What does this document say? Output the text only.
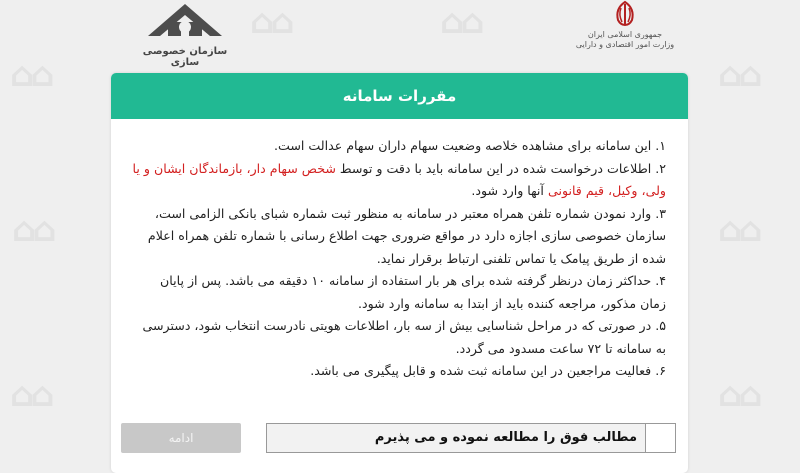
⌂⌂
⌂⌂
⌂⌂
⌂⌂
⌂⌂
⌂⌂
⌂⌂	⌂⌂
سازمان خصوصی سازی
جمهوری اسلامی ایران
وزارت امور اقتصادی و دارایی
مقررات سامانه
۱. این سامانه برای مشاهده خلاصه وضعیت سهام داران سهام عدالت است.
۲. اطلاعات درخواست شده در این سامانه باید با دقت و توسط شخص سهام دار، بازماندگان ایشان و یا ولی، وکیل، قیم قانونی آنها وارد شود.
۳. وارد نمودن شماره تلفن همراه معتبر در سامانه به منظور ثبت شماره شبای بانکی الزامی است، سازمان خصوصی سازی اجازه دارد در مواقع ضروری جهت اطلاع رسانی با شماره تلفن همراه اعلام شده از طریق پیامک یا تماس تلفنی ارتباط برقرار نماید.
۴. حداکثر زمان درنظر گرفته شده برای هر بار استفاده از سامانه ۱۰ دقیقه می باشد. پس از پایان زمان مذکور، مراجعه کننده باید از ابتدا به سامانه وارد شود.
۵. در صورتی که در مراحل شناسایی بیش از سه بار، اطلاعات هویتی نادرست انتخاب شود، دسترسی به سامانه تا ۷۲ ساعت مسدود می گردد.
۶. فعالیت مراجعین در این سامانه ثبت شده و قابل پیگیری می باشد.
مطالب فوق را مطالعه نموده و می پذیرم
ادامه
